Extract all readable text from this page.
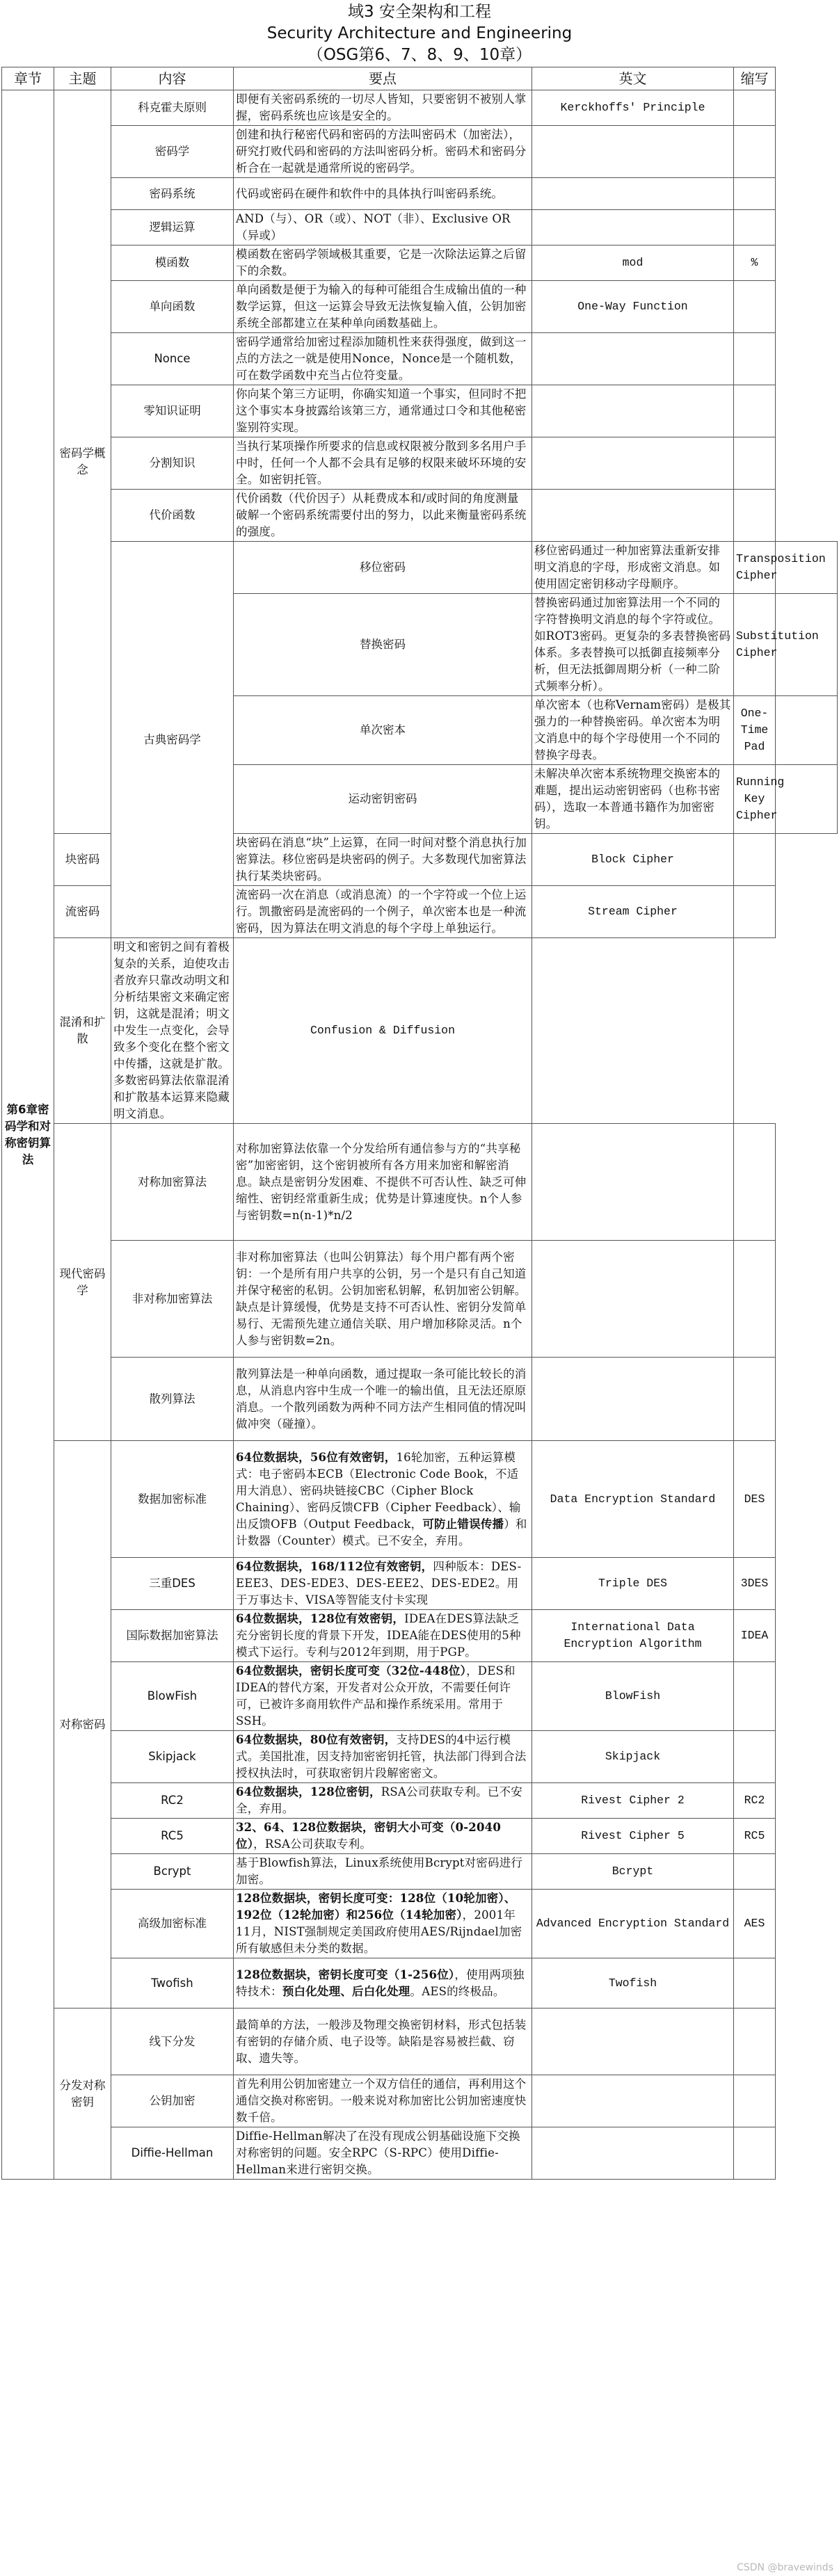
域3 安全架构和工程
Security Architecture and Engineering
（OSG第6、7、8、9、10章）
章节	主题	内容	要点	英文	缩写	
第6章密码学和对称密钥算法	密码学概念	科克霍夫原则	即便有关密码系统的一切尽人皆知，只要密钥不被别人掌握，密码系统也应该是安全的。	Kerckhoffs' Principle		
		密码学	创建和执行秘密代码和密码的方法叫密码术（加密法），研究打败代码和密码的方法叫密码分析。密码术和密码分析合在一起就是通常所说的密码学。			
		密码系统	代码或密码在硬件和软件中的具体执行叫密码系统。			
		逻辑运算	AND（与）、OR（或）、NOT（非）、Exclusive OR（异或）			
		模函数	模函数在密码学领域极其重要，它是一次除法运算之后留下的余数。	mod	%	
		单向函数	单向函数是便于为输入的每种可能组合生成输出值的一种数学运算，但这一运算会导致无法恢复输入值，公钥加密系统全部都建立在某种单向函数基础上。	One-Way Function		
		Nonce	密码学通常给加密过程添加随机性来获得强度，做到这一点的方法之一就是使用Nonce，Nonce是一个随机数，可在数学函数中充当占位符变量。			
		零知识证明	你向某个第三方证明，你确实知道一个事实，但同时不把这个事实本身披露给该第三方，通常通过口令和其他秘密鉴别符实现。			
		分割知识	当执行某项操作所要求的信息或权限被分散到多名用户手中时，任何一个人都不会具有足够的权限来破坏环境的安全。如密钥托管。			
		代价函数	代价函数（代价因子）从耗费成本和/或时间的角度测量破解一个密码系统需要付出的努力，以此来衡量密码系统的强度。			
		古典密码学	移位密码	移位密码通过一种加密算法重新安排明文消息的字母，形成密文消息。如使用固定密钥移动字母顺序。	Transposition Cipher	
			替换密码	替换密码通过加密算法用一个不同的字符替换明文消息的每个字符或位。如ROT3密码。更复杂的多表替换密码体系。多表替换可以抵御直接频率分析，但无法抵御周期分析（一种二阶式频率分析）。	Substitution Cipher	
			单次密本	单次密本（也称Vernam密码）是极其强力的一种替换密码。单次密本为明文消息中的每个字母使用一个不同的替换字母表。	One-Time Pad	
			运动密钥密码	未解决单次密本系统物理交换密本的难题，提出运动密钥密码（也称书密码），选取一本普通书籍作为加密密钥。	Running Key Cipher	
	块密码		块密码在消息“块”上运算，在同一时间对整个消息执行加密算法。移位密码是块密码的例子。大多数现代加密算法执行某类块密码。	Block Cipher		
	流密码		流密码一次在消息（或消息流）的一个字符或一个位上运行。凯撒密码是流密码的一个例子，单次密本也是一种流密码，因为算法在明文消息的每个字母上单独运行。	Stream Cipher		
	混淆和扩散	明文和密钥之间有着极复杂的关系，迫使攻击者放弃只靠改动明文和分析结果密文来确定密钥，这就是混淆；明文中发生一点变化，会导致多个变化在整个密文中传播，这就是扩散。多数密码算法依靠混淆和扩散基本运算来隐藏明文消息。	Confusion & Diffusion			
	现代密码学	对称加密算法	对称加密算法依靠一个分发给所有通信参与方的“共享秘密”加密密钥，这个密钥被所有各方用来加密和解密消息。缺点是密钥分发困难、不提供不可否认性、缺乏可伸缩性、密钥经常重新生成；优势是计算速度快。n个人参与密钥数=n(n-1)*n/2			
		非对称加密算法	非对称加密算法（也叫公钥算法）每个用户都有两个密钥：一个是所有用户共享的公钥，另一个是只有自己知道并保守秘密的私钥。公钥加密私钥解，私钥加密公钥解。缺点是计算缓慢，优势是支持不可否认性、密钥分发简单易行、无需预先建立通信关联、用户增加移除灵活。n个人参与密钥数=2n。			
		散列算法	散列算法是一种单向函数，通过提取一条可能比较长的消息，从消息内容中生成一个唯一的输出值，且无法还原原消息。一个散列函数为两种不同方法产生相同值的情况叫做冲突（碰撞）。			
	对称密码	数据加密标准	64位数据块，56位有效密钥，16轮加密，五种运算模式：电子密码本ECB（Electronic Code Book，不适用大消息）、密码块链接CBC（Cipher Block Chaining）、密码反馈CFB（Cipher Feedback）、输出反馈OFB（Output Feedback，可防止错误传播）和计数器（Counter）模式。已不安全，弃用。	Data Encryption Standard	DES	
		三重DES	64位数据块，168/112位有效密钥，四种版本：DES-EEE3、DES-EDE3、DES-EEE2、DES-EDE2。用于万事达卡、VISA等智能支付卡实现	Triple DES	3DES	
		国际数据加密算法	64位数据块，128位有效密钥，IDEA在DES算法缺乏充分密钥长度的背景下开发，IDEA能在DES使用的5种模式下运行。专利与2012年到期，用于PGP。	International Data Encryption Algorithm	IDEA	
		BlowFish	64位数据块，密钥长度可变（32位-448位），DES和IDEA的替代方案，开发者对公众开放，不需要任何许可，已被许多商用软件产品和操作系统采用。常用于SSH。	BlowFish		
		Skipjack	64位数据块，80位有效密钥，支持DES的4中运行模式。美国批准，因支持加密密钥托管，执法部门得到合法授权执法时，可获取密钥片段解密密文。	Skipjack		
		RC2	64位数据块，128位密钥，RSA公司获取专利。已不安全，弃用。	Rivest Cipher 2	RC2	
		RC5	32、64、128位数据块，密钥大小可变（0-2040位），RSA公司获取专利。	Rivest Cipher 5	RC5	
		Bcrypt	基于Blowfish算法，Linux系统使用Bcrypt对密码进行加密。	Bcrypt		
		高级加密标准	128位数据块，密钥长度可变：128位（10轮加密）、192位（12轮加密）和256位（14轮加密），2001年11月，NIST强制规定美国政府使用AES/Rijndael加密所有敏感但未分类的数据。	Advanced Encryption Standard	AES	
		Twofish	128位数据块，密钥长度可变（1-256位），使用两项独特技术：预白化处理、后白化处理。AES的终极品。	Twofish		
	分发对称密钥	线下分发	最简单的方法，一般涉及物理交换密钥材料，形式包括装有密钥的存储介质、电子设等。缺陷是容易被拦截、窃取、遗失等。			
		公钥加密	首先利用公钥加密建立一个双方信任的通信，再利用这个通信交换对称密钥。一般来说对称加密比公钥加密速度快数千倍。			
		Diffie-Hellman	Diffie-Hellman解决了在没有现成公钥基础设施下交换对称密钥的问题。安全RPC（S-RPC）使用Diffie-Hellman来进行密钥交换。			
CSDN @bravewinds
